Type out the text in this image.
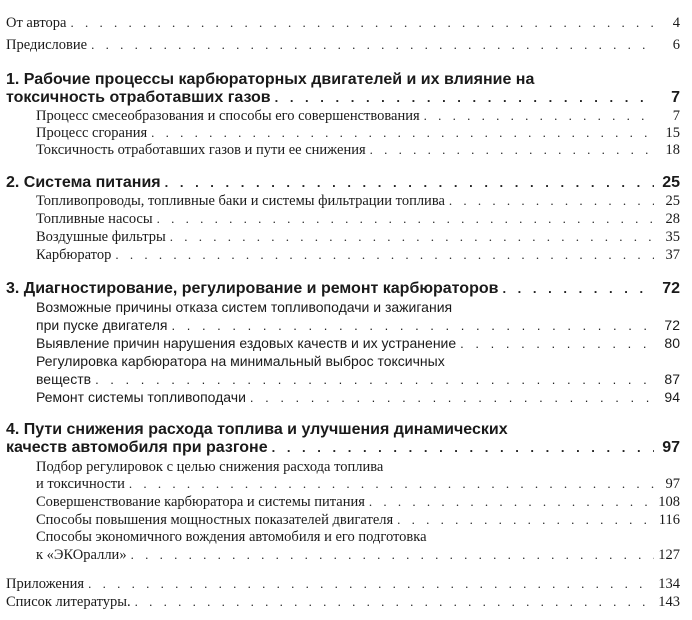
От автора . . .	4
Предисловие . . .	6
1. Рабочие процессы карбюраторных двигателей и их влияние на
токсичность отработавших газов . . .	7
Процесс смесеобразования и способы его совершенствования . . .	7
Процесс сгорания . . .	15
Токсичность отработавших газов и пути ее снижения . . .	18
2. Система питания . . .	25
Топливопроводы, топливные баки и системы фильтрации топлива . . .	25
Топливные насосы . . .	28
Воздушные фильтры . . .	35
Карбюратор . . .	37
3. Диагностирование, регулирование и ремонт карбюраторов . . .	72
Возможные причины отказа систем топливоподачи и зажигания
при пуске двигателя . . .	72
Выявление причин нарушения ездовых качеств и их устранение . . .	80
Регулировка карбюратора на минимальный выброс токсичных
веществ . . .	87
Ремонт системы топливоподачи . . .	94
4. Пути снижения расхода топлива и улучшения динамических
качеств автомобиля при разгоне . . .	97
Подбор регулировок с целью снижения расхода топлива
и токсичности . . .	97
Совершенствование карбюратора и системы питания . . .	108
Способы повышения мощностных показателей двигателя . . .	116
Способы экономичного вождения автомобиля и его подготовка
к «ЭКОралли» . . .	127
Приложения . . .	134
Список литературы. . . .	143
